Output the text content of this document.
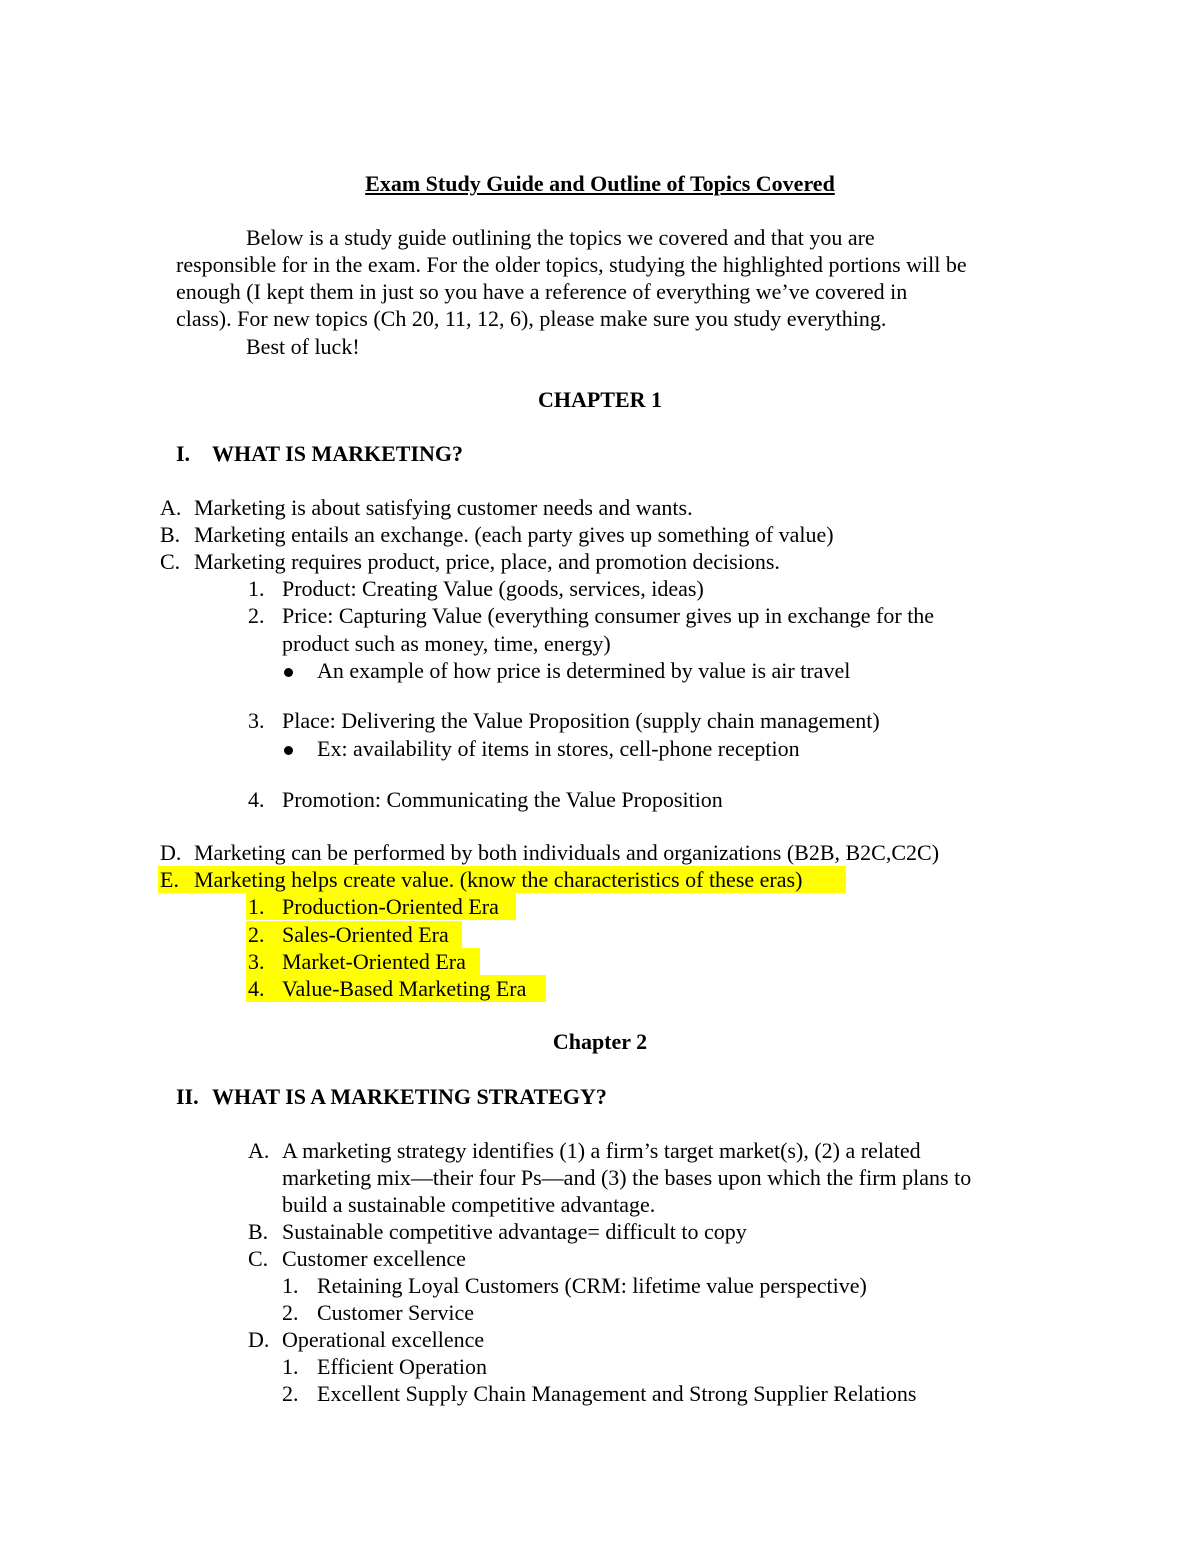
Exam Study Guide and Outline of Topics Covered
Below is a study guide outlining the topics we covered and that you are
responsible for in the exam. For the older topics, studying the highlighted portions will be
enough (I kept them in just so you have a reference of everything we’ve covered in
class). For new topics (Ch 20, 11, 12, 6), please make sure you study everything.
Best of luck!
CHAPTER 1
I. WHAT IS MARKETING?
A. Marketing is about satisfying customer needs and wants.
B. Marketing entails an exchange. (each party gives up something of value)
C. Marketing requires product, price, place, and promotion decisions.
1. Product: Creating Value (goods, services, ideas)
2. Price: Capturing Value (everything consumer gives up in exchange for the
product such as money, time, energy)
An example of how price is determined by value is air travel
3. Place: Delivering the Value Proposition (supply chain management)
Ex: availability of items in stores, cell-phone reception
4. Promotion: Communicating the Value Proposition
D. Marketing can be performed by both individuals and organizations (B2B, B2C,C2C)
E. Marketing helps create value. (know the characteristics of these eras)
1. Production-Oriented Era
2. Sales-Oriented Era
3. Market-Oriented Era
4. Value-Based Marketing Era
Chapter 2
II. WHAT IS A MARKETING STRATEGY?
A. A marketing strategy identifies (1) a firm’s target market(s), (2) a related
marketing mix—their four Ps—and (3) the bases upon which the firm plans to
build a sustainable competitive advantage.
B. Sustainable competitive advantage= difficult to copy
C. Customer excellence
1. Retaining Loyal Customers (CRM: lifetime value perspective)
2. Customer Service
D. Operational excellence
1. Efficient Operation
2. Excellent Supply Chain Management and Strong Supplier Relations
